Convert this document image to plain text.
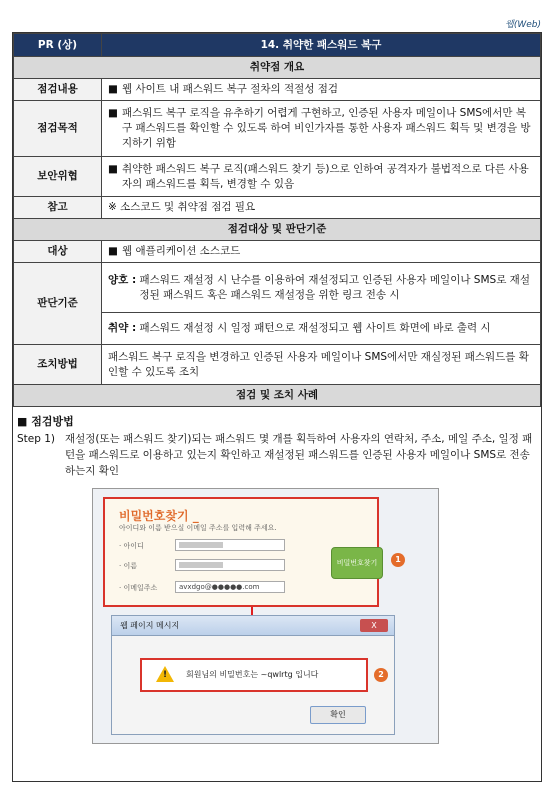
웹(Web)
PR (상)	14. 취약한 패스워드 복구
취약점 개요	
점검내용	■ 웹 사이트 내 패스워드 복구 절차의 적절성 점검

점검목적	■ 패스워드 복구 로직을 유추하기 어렵게 구현하고, 인증된 사용자 메일이나 SMS에서만 복구 패스워드를 확인할 수 있도록 하여 비인가자를 통한 사용자 패스워드 획득 및 변경을 방지하기 위함

보안위협	■ 취약한 패스워드 복구 로직(패스워드 찾기 등)으로 인하여 공격자가 불법적으로 다른 사용자의 패스워드를 획득, 변경할 수 있음

참고	※ 소스코드 및 취약점 점검 필요
점검대상 및 판단기준	
대상	■ 웹 애플리케이션 소스코드

판단기준	양호 :
패스워드 재설정 시 난수를 이용하여 재설정되고 인증된 사용자 메일이나 SMS로 재설정된 패스워드 혹은 패스워드 재설정을 위한 링크 전송 시

	취약 :
패스워드 재설정 시 일정 패턴으로 재설정되고 웹 사이트 화면에 바로 출력 시

조치방법	패스워드 복구 로직을 변경하고 인증된 사용자 메일이나 SMS에서만 재실정된 패스워드를 확인할 수 있도록 조치
점검 및 조치 사례	
■ 점검방법
Step 1) 재설정(또는 패스워드 찾기)되는 패스워드 몇 개를 획득하여 사용자의 연락처, 주소, 메일 주소, 일정 패턴을 패스워드로 이용하고 있는지 확인하고 재설정된 패스워드를 인증된 사용자 메일이나 SMS로 전송하는지 확인
비밀번호찾기 _
아이디와 이름 받으실 이메일 주소를 입력해 주세요.
· 아이디
· 이름
· 이메일주소	avxdgo@●●●●●.com
비밀번호찾기	1
웹 페이지 메시지	X
! 회원님의 비밀번호는 ~qwlrtg 입니다	2
확인
